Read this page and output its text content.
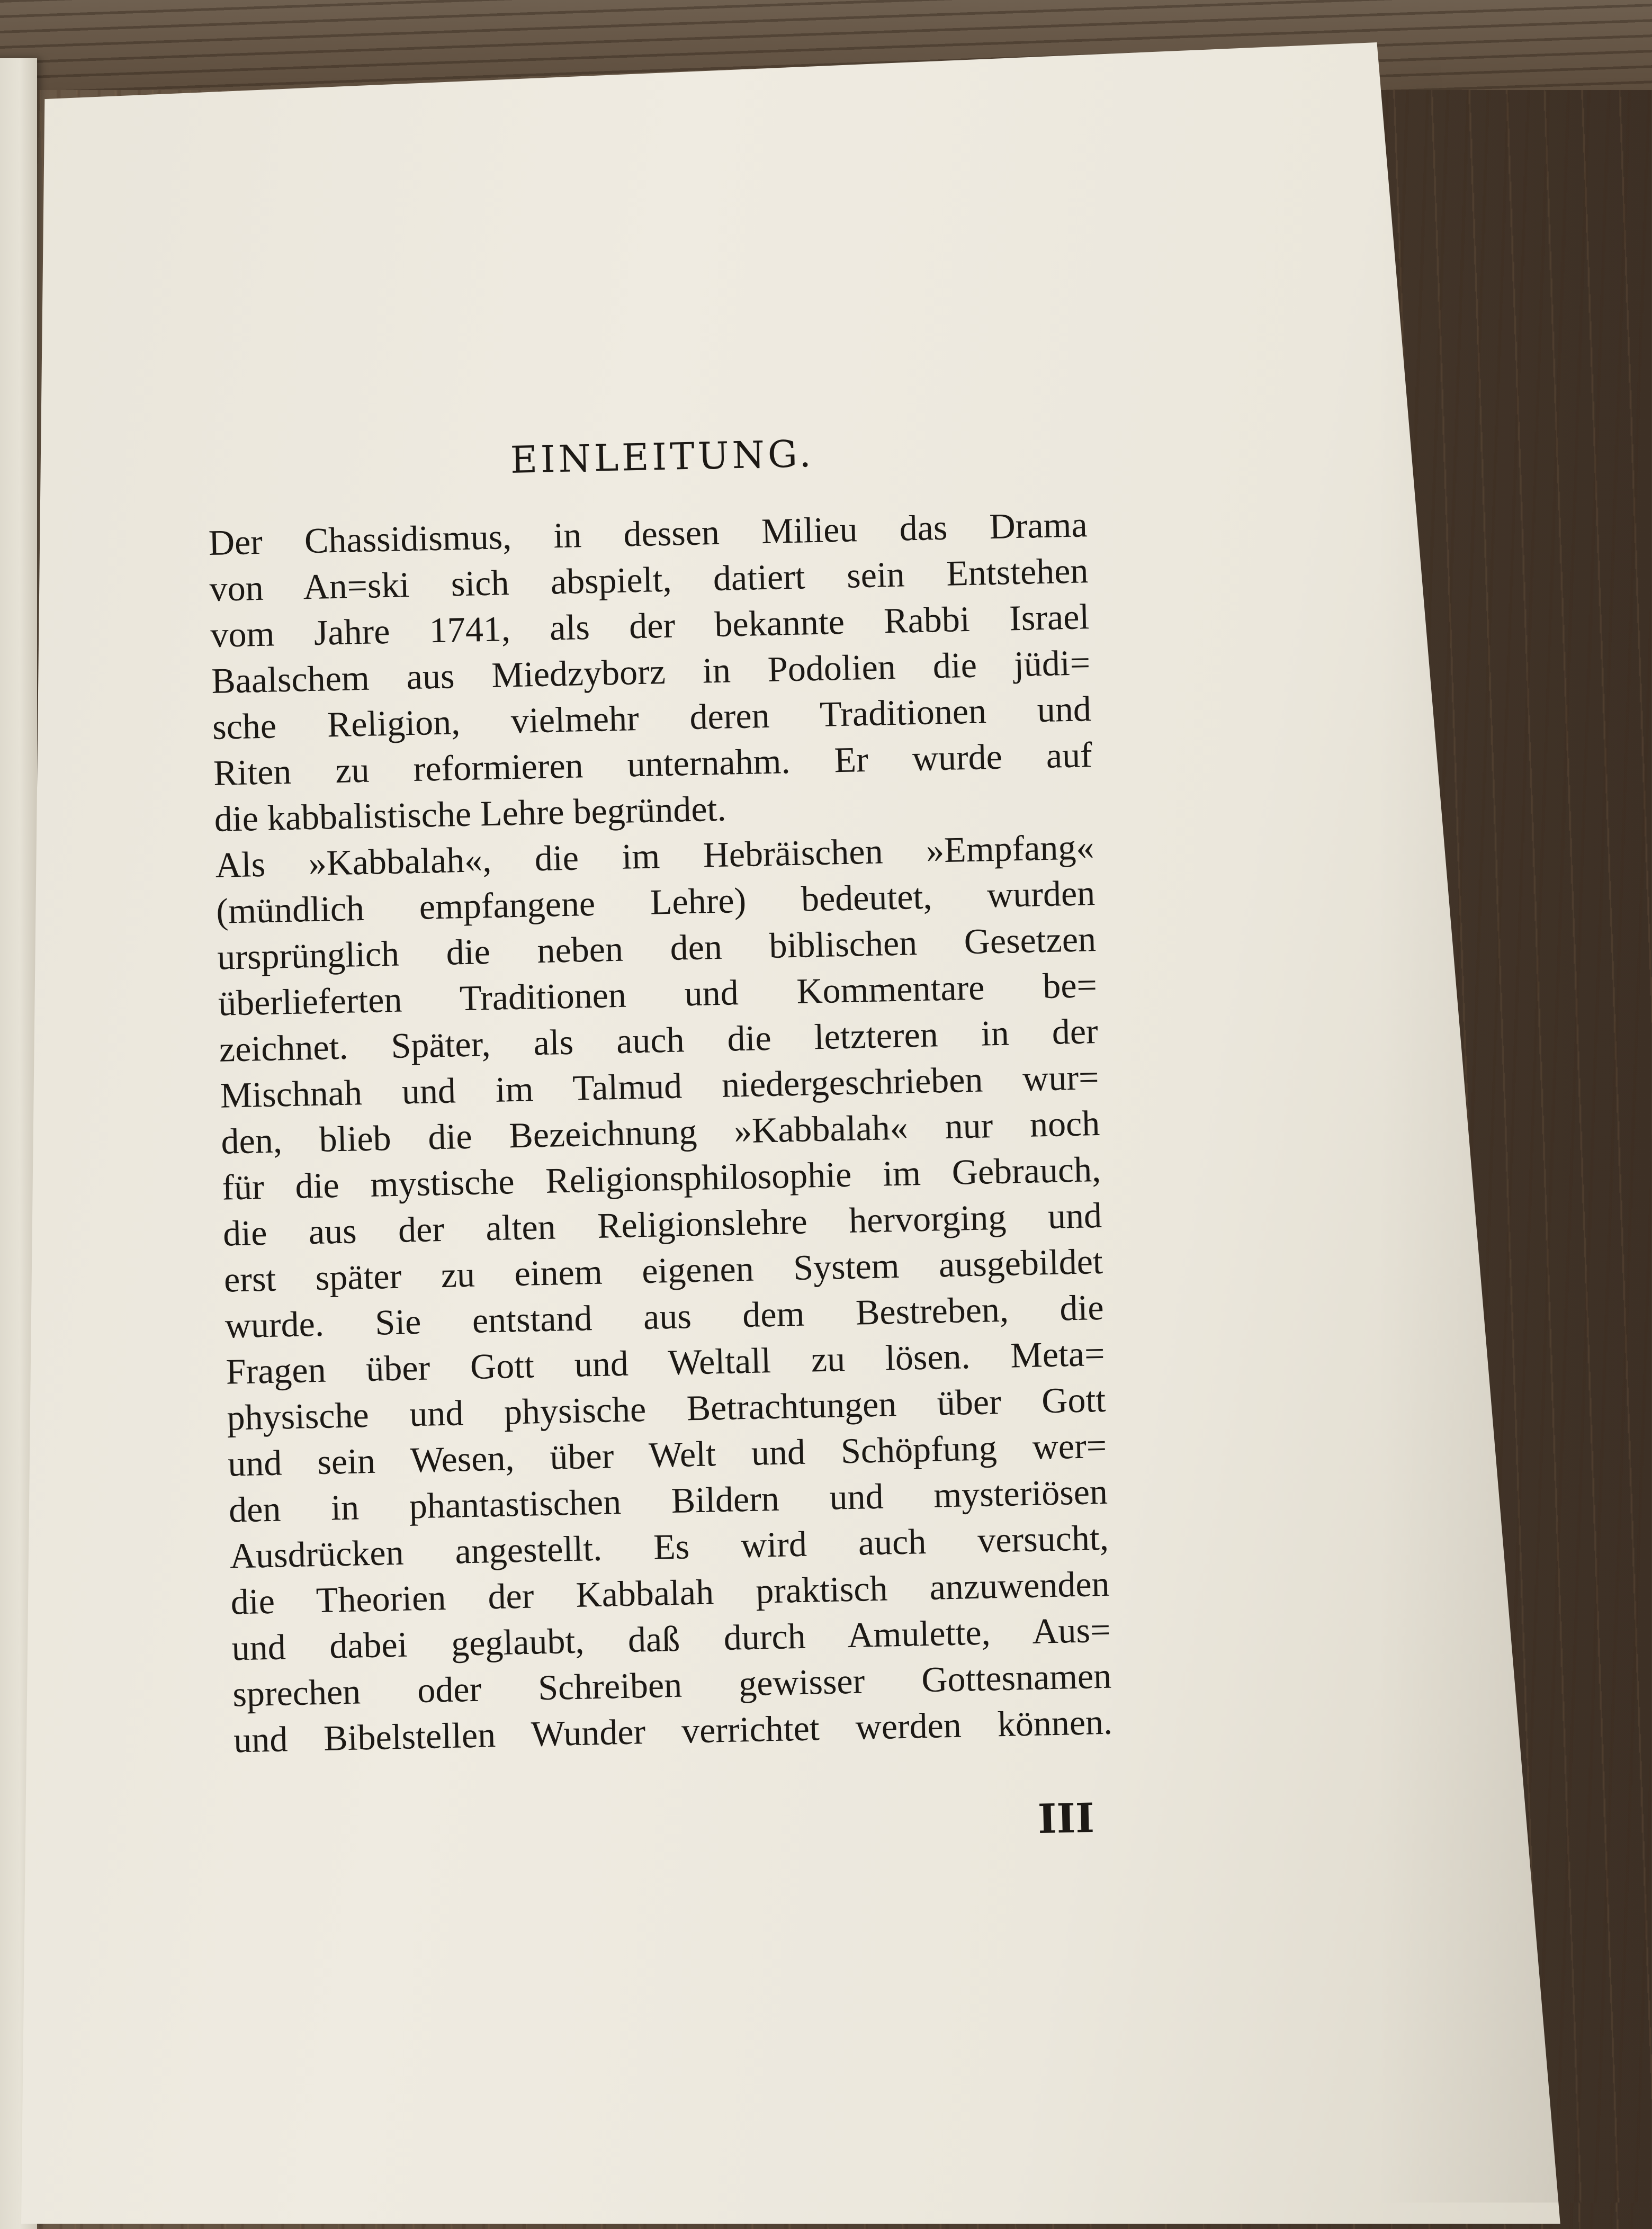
EINLEITUNG.
Der Chassidismus, in dessen Milieu das Drama
von An=ski sich abspielt, datiert sein Entstehen
vom Jahre 1741, als der bekannte Rabbi Israel
Baalschem aus Miedzyborz in Podolien die jüdi=
sche Religion, vielmehr deren Traditionen und
Riten zu reformieren unternahm. Er wurde auf
die kabbalistische Lehre begründet.
Als »Kabbalah«, die im Hebräischen »Empfang«
(mündlich empfangene Lehre) bedeutet, wurden
ursprünglich die neben den biblischen Gesetzen
überlieferten Traditionen und Kommentare be=
zeichnet. Später, als auch die letzteren in der
Mischnah und im Talmud niedergeschrieben wur=
den, blieb die Bezeichnung »Kabbalah« nur noch
für die mystische Religionsphilosophie im Gebrauch,
die aus der alten Religionslehre hervorging und
erst später zu einem eigenen System ausgebildet
wurde. Sie entstand aus dem Bestreben, die
Fragen über Gott und Weltall zu lösen. Meta=
physische und physische Betrachtungen über Gott
und sein Wesen, über Welt und Schöpfung wer=
den in phantastischen Bildern und mysteriösen
Ausdrücken angestellt. Es wird auch versucht,
die Theorien der Kabbalah praktisch anzuwenden
und dabei geglaubt, daß durch Amulette, Aus=
sprechen oder Schreiben gewisser Gottesnamen
und Bibelstellen Wunder verrichtet werden können.
III
